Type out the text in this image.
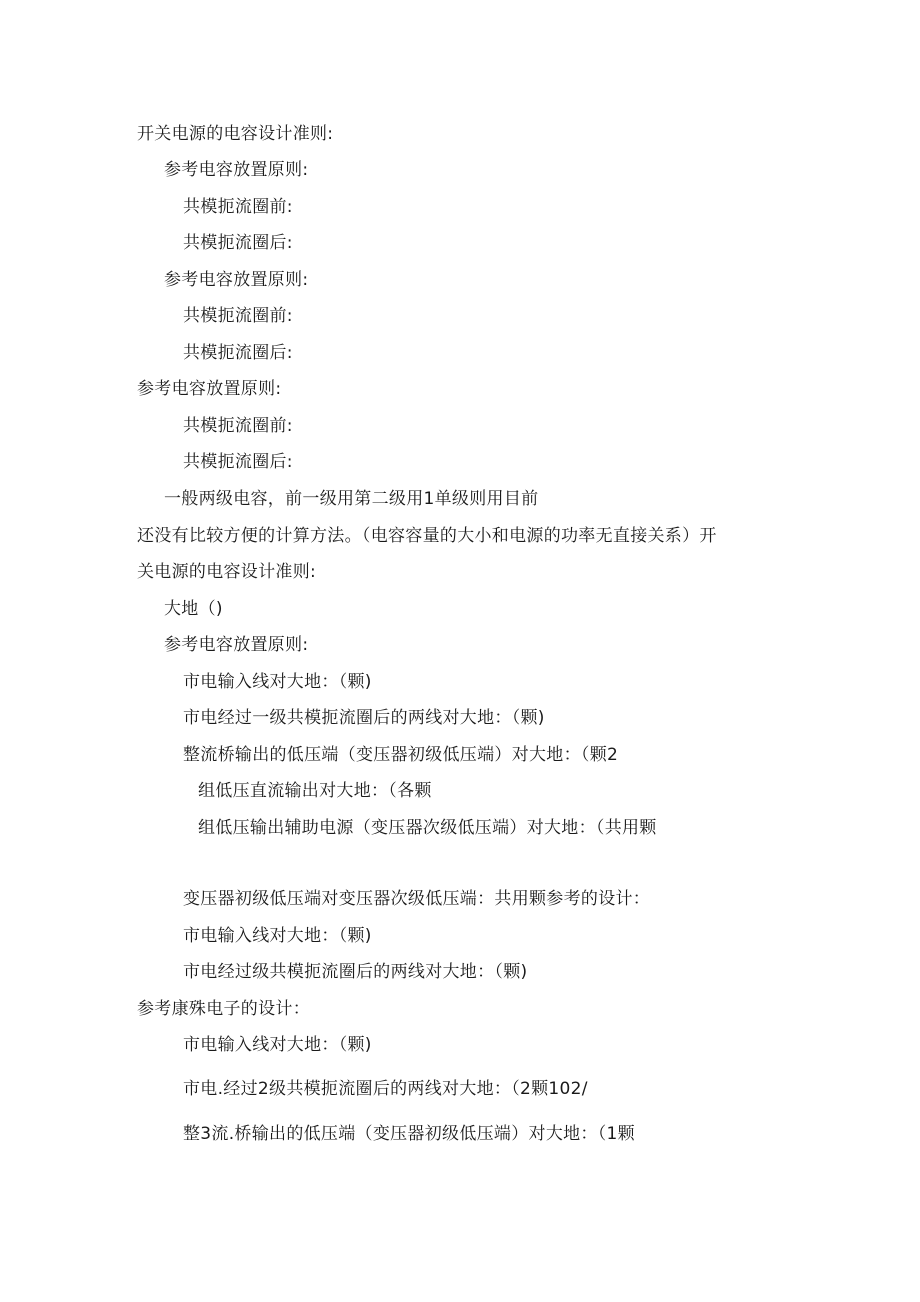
开关电源的电容设计准则:
参考电容放置原则:
共模扼流圈前:
共模扼流圈后:
参考电容放置原则:
共模扼流圈前:
共模扼流圈后:
参考电容放置原则:
共模扼流圈前:
共模扼流圈后:
一般两级电容，前一级用第二级用1单级则用目前
还没有比较方便的计算方法。（电容容量的大小和电源的功率无直接关系）开
关电源的电容设计准则:
大地（)
参考电容放置原则:
市电输入线对大地：（颗)
市电经过一级共模扼流圈后的两线对大地：（颗)
整流桥输出的低压端（变压器初级低压端）对大地：（颗2
组低压直流输出对大地：（各颗
组低压输出辅助电源（变压器次级低压端）对大地：（共用颗
变压器初级低压端对变压器次级低压端：共用颗参考的设计：
市电输入线对大地：（颗)
市电经过级共模扼流圈后的两线对大地：（颗)
参考康殊电子的设计：
市电输入线对大地：（颗)
市电.经过2级共模扼流圈后的两线对大地：（2颗102/
整3流.桥输出的低压端（变压器初级低压端）对大地：（1颗
